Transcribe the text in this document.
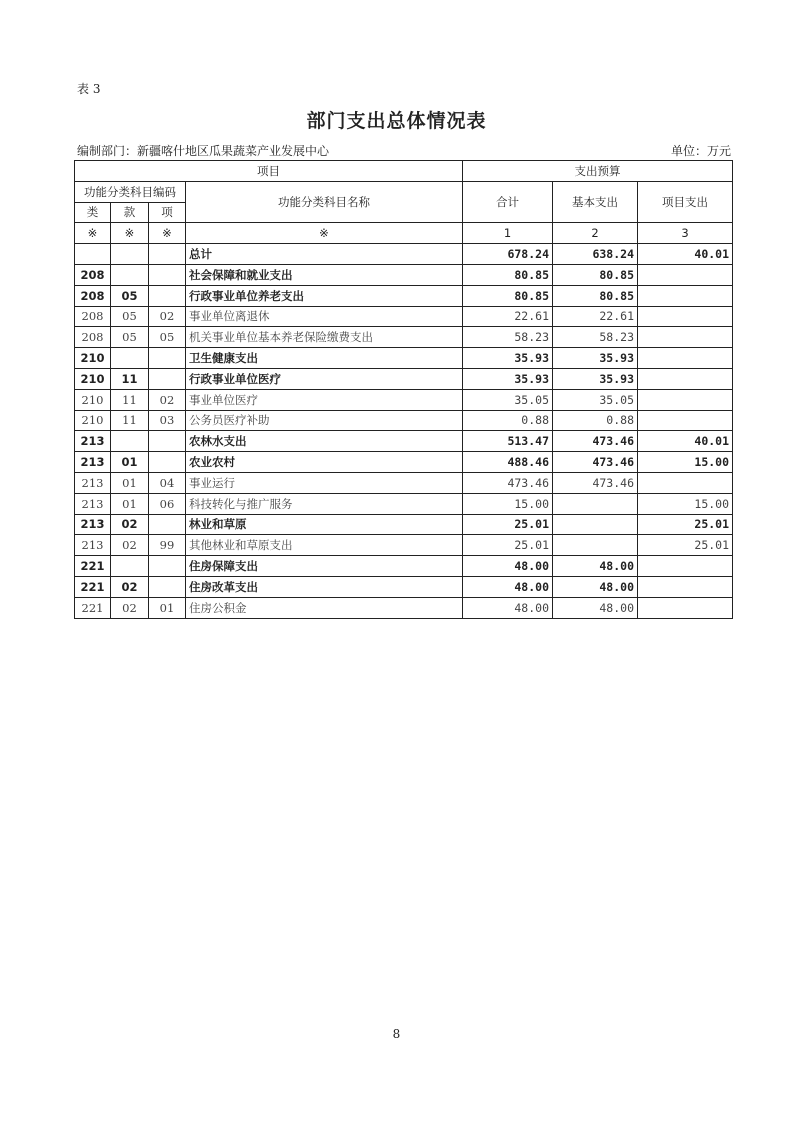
表 3
部门支出总体情况表
编制部门：新疆喀什地区瓜果蔬菜产业发展中心	单位：万元
项目				支出预算		
功能分类科目编码			功能分类科目名称	合计	基本支出	项目支出
类	款	项				
※	※	※	※	1	2	3
			总计	678.24	638.24	40.01
208			社会保障和就业支出	80.85	80.85	
208	05		行政事业单位养老支出	80.85	80.85	
208	05	02	事业单位离退休	22.61	22.61	
208	05	05	机关事业单位基本养老保险缴费支出	58.23	58.23	
210			卫生健康支出	35.93	35.93	
210	11		行政事业单位医疗	35.93	35.93	
210	11	02	事业单位医疗	35.05	35.05	
210	11	03	公务员医疗补助	0.88	0.88	
213			农林水支出	513.47	473.46	40.01
213	01		农业农村	488.46	473.46	15.00
213	01	04	事业运行	473.46	473.46	
213	01	06	科技转化与推广服务	15.00		15.00
213	02		林业和草原	25.01		25.01
213	02	99	其他林业和草原支出	25.01		25.01
221			住房保障支出	48.00	48.00	
221	02		住房改革支出	48.00	48.00	
221	02	01	住房公积金	48.00	48.00	
8
